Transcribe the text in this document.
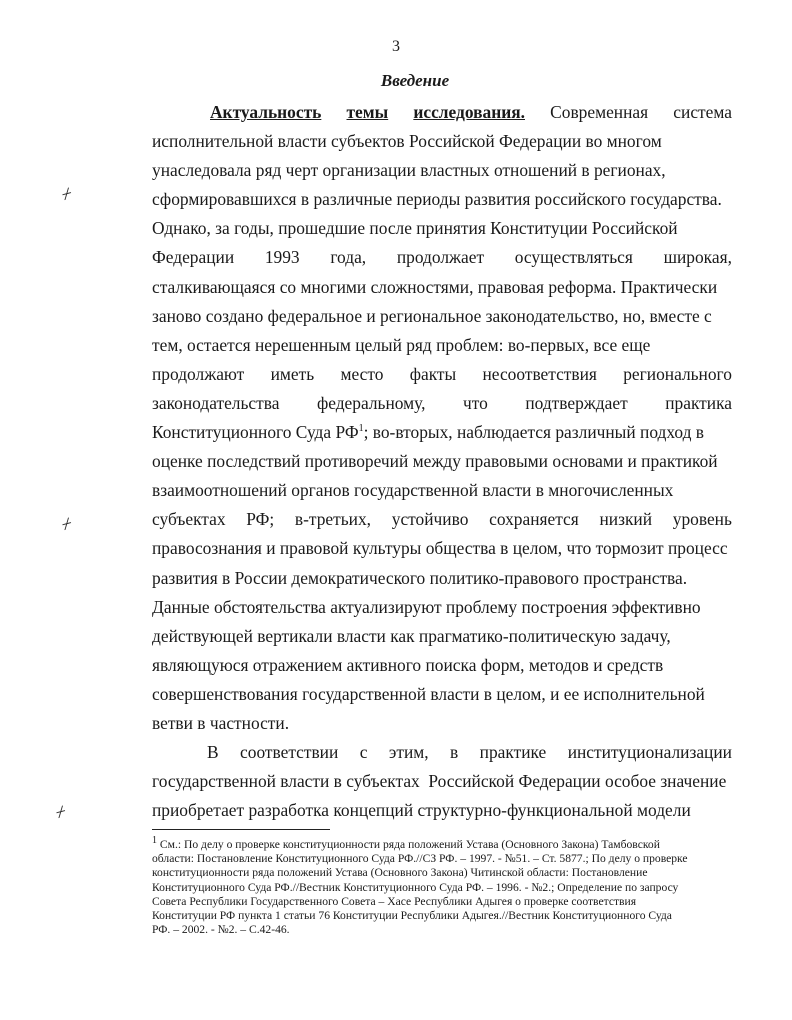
3
Введение
⌿
⌿
⌿
Актуальность темы исследования. Современная система
исполнительной власти субъектов Российской Федерации во многом
унаследовала ряд черт организации властных отношений в регионах,
сформировавшихся в различные периоды развития российского государства.
Однако, за годы, прошедшие после принятия Конституции Российской
Федерации 1993 года, продолжает осуществляться широкая,
сталкивающаяся со многими сложностями, правовая реформа. Практически
заново создано федеральное и региональное законодательство, но, вместе с
тем, остается нерешенным целый ряд проблем: во-первых, все еще
продолжают иметь место факты несоответствия регионального
законодательства федеральному, что подтверждает практика
Конституционного Суда $РФ^1$; во-вторых, наблюдается различный подход в
оценке последствий противоречий между правовыми основами и практикой
взаимоотношений органов государственной власти в многочисленных
субъектах РФ; в-третьих, устойчиво сохраняется низкий уровень
правосознания и правовой культуры общества в целом, что тормозит процесс
развития в России демократического политико-правового пространства.
Данные обстоятельства актуализируют проблему построения эффективно
действующей вертикали власти как прагматико-политическую задачу,
являющуюся отражением активного поиска форм, методов и средств
совершенствования государственной власти в целом, и ее исполнительной
ветви в частности.
В соответствии с этим, в практике институционализации
государственной власти в субъектах  Российской Федерации особое значение
приобретает разработка концепций структурно-функциональной модели
$^1$ См.: По делу о проверке конституционности ряда положений Устава (Основного Закона) Тамбовской
области: Постановление Конституционного Суда РФ.//СЗ РФ. – 1997. - №51. – Ст. 5877.; По делу о проверке
конституционности ряда положений Устава (Основного Закона) Читинской области: Постановление
Конституционного Суда РФ.//Вестник Конституционного Суда РФ. – 1996. - №2.; Определение по запросу
Совета Республики Государственного Совета – Хасе Республики Адыгея о проверке соответствия
Конституции РФ пункта 1 статьи 76 Конституции Республики Адыгея.//Вестник Конституционного Суда
РФ. – 2002. - №2. – С.42-46.
